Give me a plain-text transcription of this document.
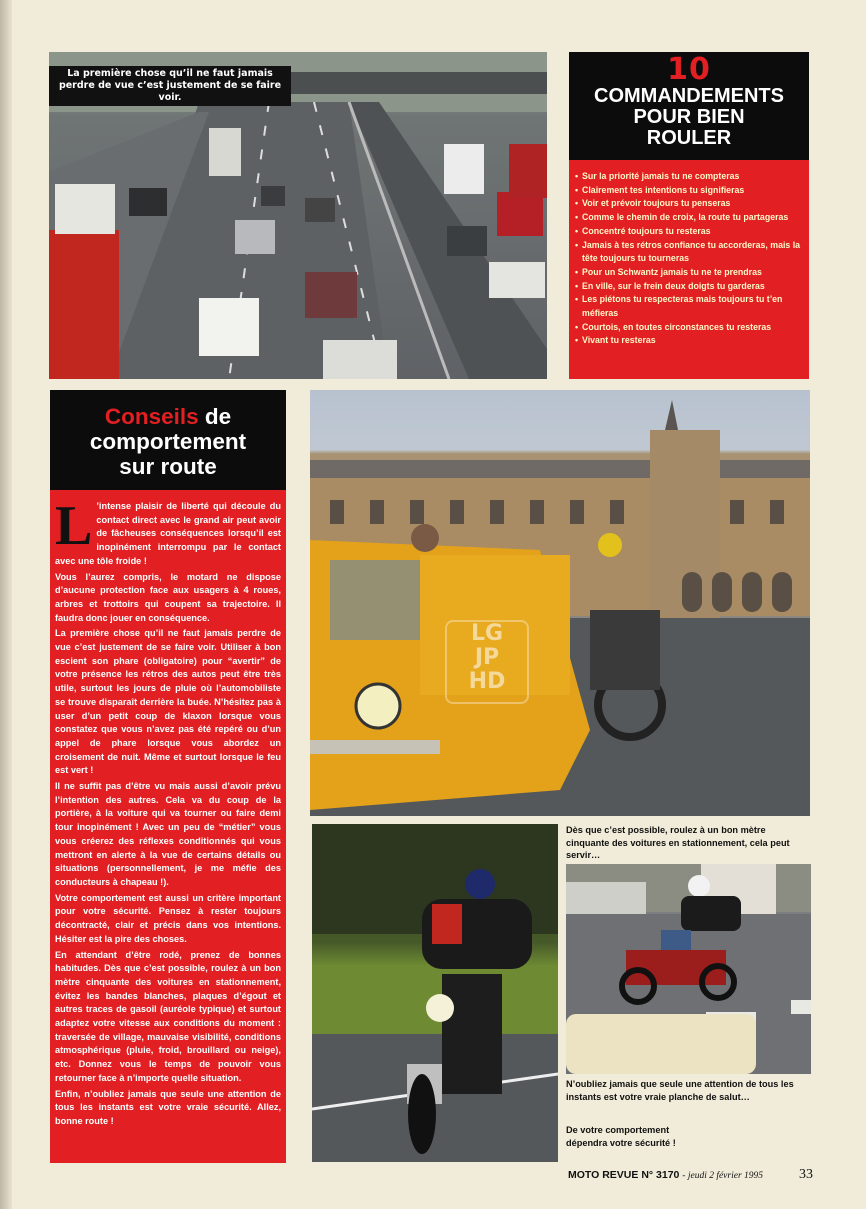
La première chose qu’il ne faut jamais perdre de vue c’est justement de se faire voir.
10
COMMANDEMENTS
POUR BIEN
ROULER
• Sur la priorité jamais tu ne compteras
• Clairement tes intentions tu signifieras
• Voir et prévoir toujours tu penseras
• Comme le chemin de croix, la route tu partageras
• Concentré toujours tu resteras
• Jamais à tes rétros confiance tu accorderas, mais la tête toujours tu tourneras
• Pour un Schwantz jamais tu ne te prendras
• En ville, sur le frein deux doigts tu garderas
• Les piétons tu respecteras mais toujours tu t’en méfieras
• Courtois, en toutes circonstances tu resteras
• Vivant tu resteras
Conseils de
comportement
sur route

L ’intense plaisir de liberté qui découle du contact direct avec le grand air peut avoir de fâcheuses conséquences lorsqu’il est inopinément interrompu par le contact avec une tôle froide !

Vous l’aurez compris, le motard ne dispose d’aucune protection face aux usagers à 4 roues, arbres et trottoirs qui coupent sa trajectoire. Il faudra donc jouer en conséquence.

La première chose qu’il ne faut jamais perdre de vue c’est justement de se faire voir. Utiliser à bon escient son phare (obligatoire) pour “avertir” de votre présence les rétros des autos peut être très utile, surtout les jours de pluie où l’automobiliste se trouve disparaît derrière la buée. N’hésitez pas à user d’un petit coup de klaxon lorsque vous constatez que vous n’avez pas été repéré ou d’un appel de phare lorsque vous abordez un croisement de nuit. Même et surtout lorsque le feu est vert !

Il ne suffit pas d’être vu mais aussi d’avoir prévu l’intention des autres. Cela va du coup de la portière, à la voiture qui va tourner ou faire demi tour inopinément ! Avec un peu de “métier” vous vous créerez des réflexes conditionnés qui vous mettront en alerte à la vue de certains détails ou situations (personnellement, je me méfie des conducteurs à chapeau !).

Votre comportement est aussi un critère important pour votre sécurité. Pensez à rester toujours décontracté, clair et précis dans vos intentions. Hésiter est la pire des choses.

En attendant d’être rodé, prenez de bonnes habitudes. Dès que c’est possible, roulez à un bon mètre cinquante des voitures en stationnement, évitez les bandes blanches, plaques d’égout et autres traces de gasoil (auréole typique) et surtout adaptez votre vitesse aux conditions du moment : traversée de village, mauvaise visibilité, conditions atmosphérique (pluie, froid, brouillard ou neige), etc. Donnez vous le temps de pouvoir vous retourner face à n’importe quelle situation.

Enfin, n’oubliez jamais que seule une attention de tous les instants est votre vraie sécurité. Allez, bonne route !

LG
JP
HD
Dès que c’est possible, roulez à un bon mètre cinquante des voitures en stationnement, cela peut servir…
N’oubliez jamais que seule une attention de tous les instants est votre vraie planche de salut…
De votre comportement dépendra votre sécurité !
MOTO REVUE N° 3170 - jeudi 2 février 1995	33
